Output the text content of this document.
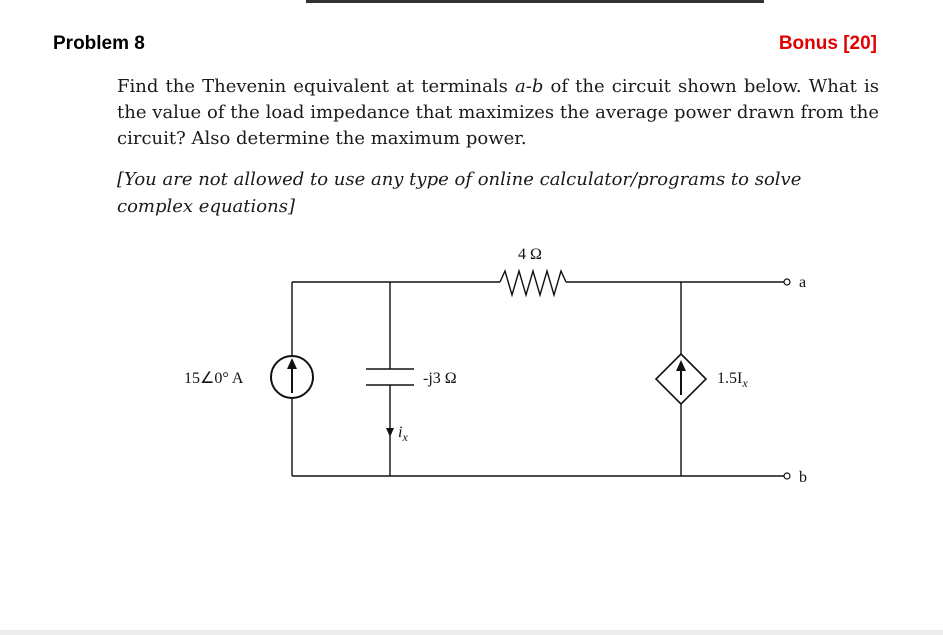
Problem 8	Bonus [20]
Find the Thevenin equivalent at terminals a-b of the circuit shown below. What is the value of the load impedance that maximizes the average power drawn from the circuit? Also determine the maximum power.
[You are not allowed to use any type of online calculator/programs to solve complex equations]
4 Ω
15∠0° A	-j3 Ω
$i_x$
$1.5I_x$
a
b
